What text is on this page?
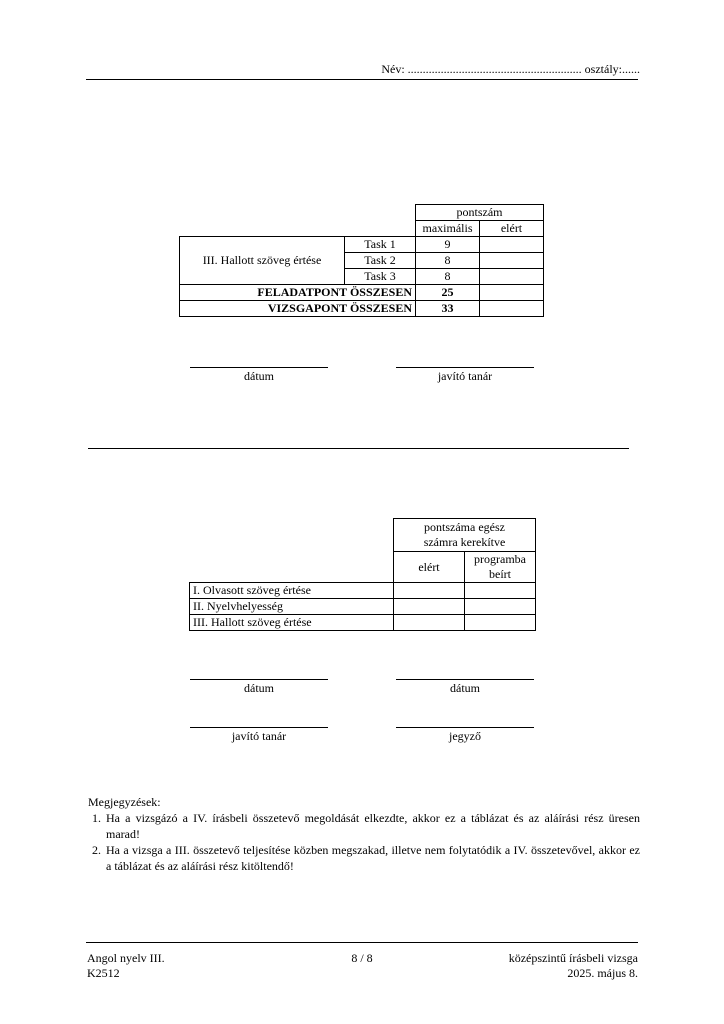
Név: .......................................................... osztály:......
		pontszám	
		maximális	elért
III. Hallott szöveg értése	Task 1	9	
	Task 2	8	
	Task 3	8	
FELADATPONT ÖSSZESEN		25	
VIZSGAPONT ÖSSZESEN		33	
dátum	javító tanár
	pontszáma egész
számra kerekítve	
	elért	programba
beírt
I. Olvasott szöveg értése		
II. Nyelvhelyesség		
III. Hallott szöveg értése		
dátum	dátum
javító tanár	jegyző
Megjegyzések:
1. Ha a vizsgázó a IV. írásbeli összetevő megoldását elkezdte, akkor ez a táblázat és az aláírási rész üresen marad!
2. Ha a vizsga a III. összetevő teljesítése közben megszakad, illetve nem folytatódik a IV. összetevővel, akkor ez a táblázat és az aláírási rész kitöltendő!
Angol nyelv III.
K2512
8 / 8	középszintű írásbeli vizsga
2025. május 8.
